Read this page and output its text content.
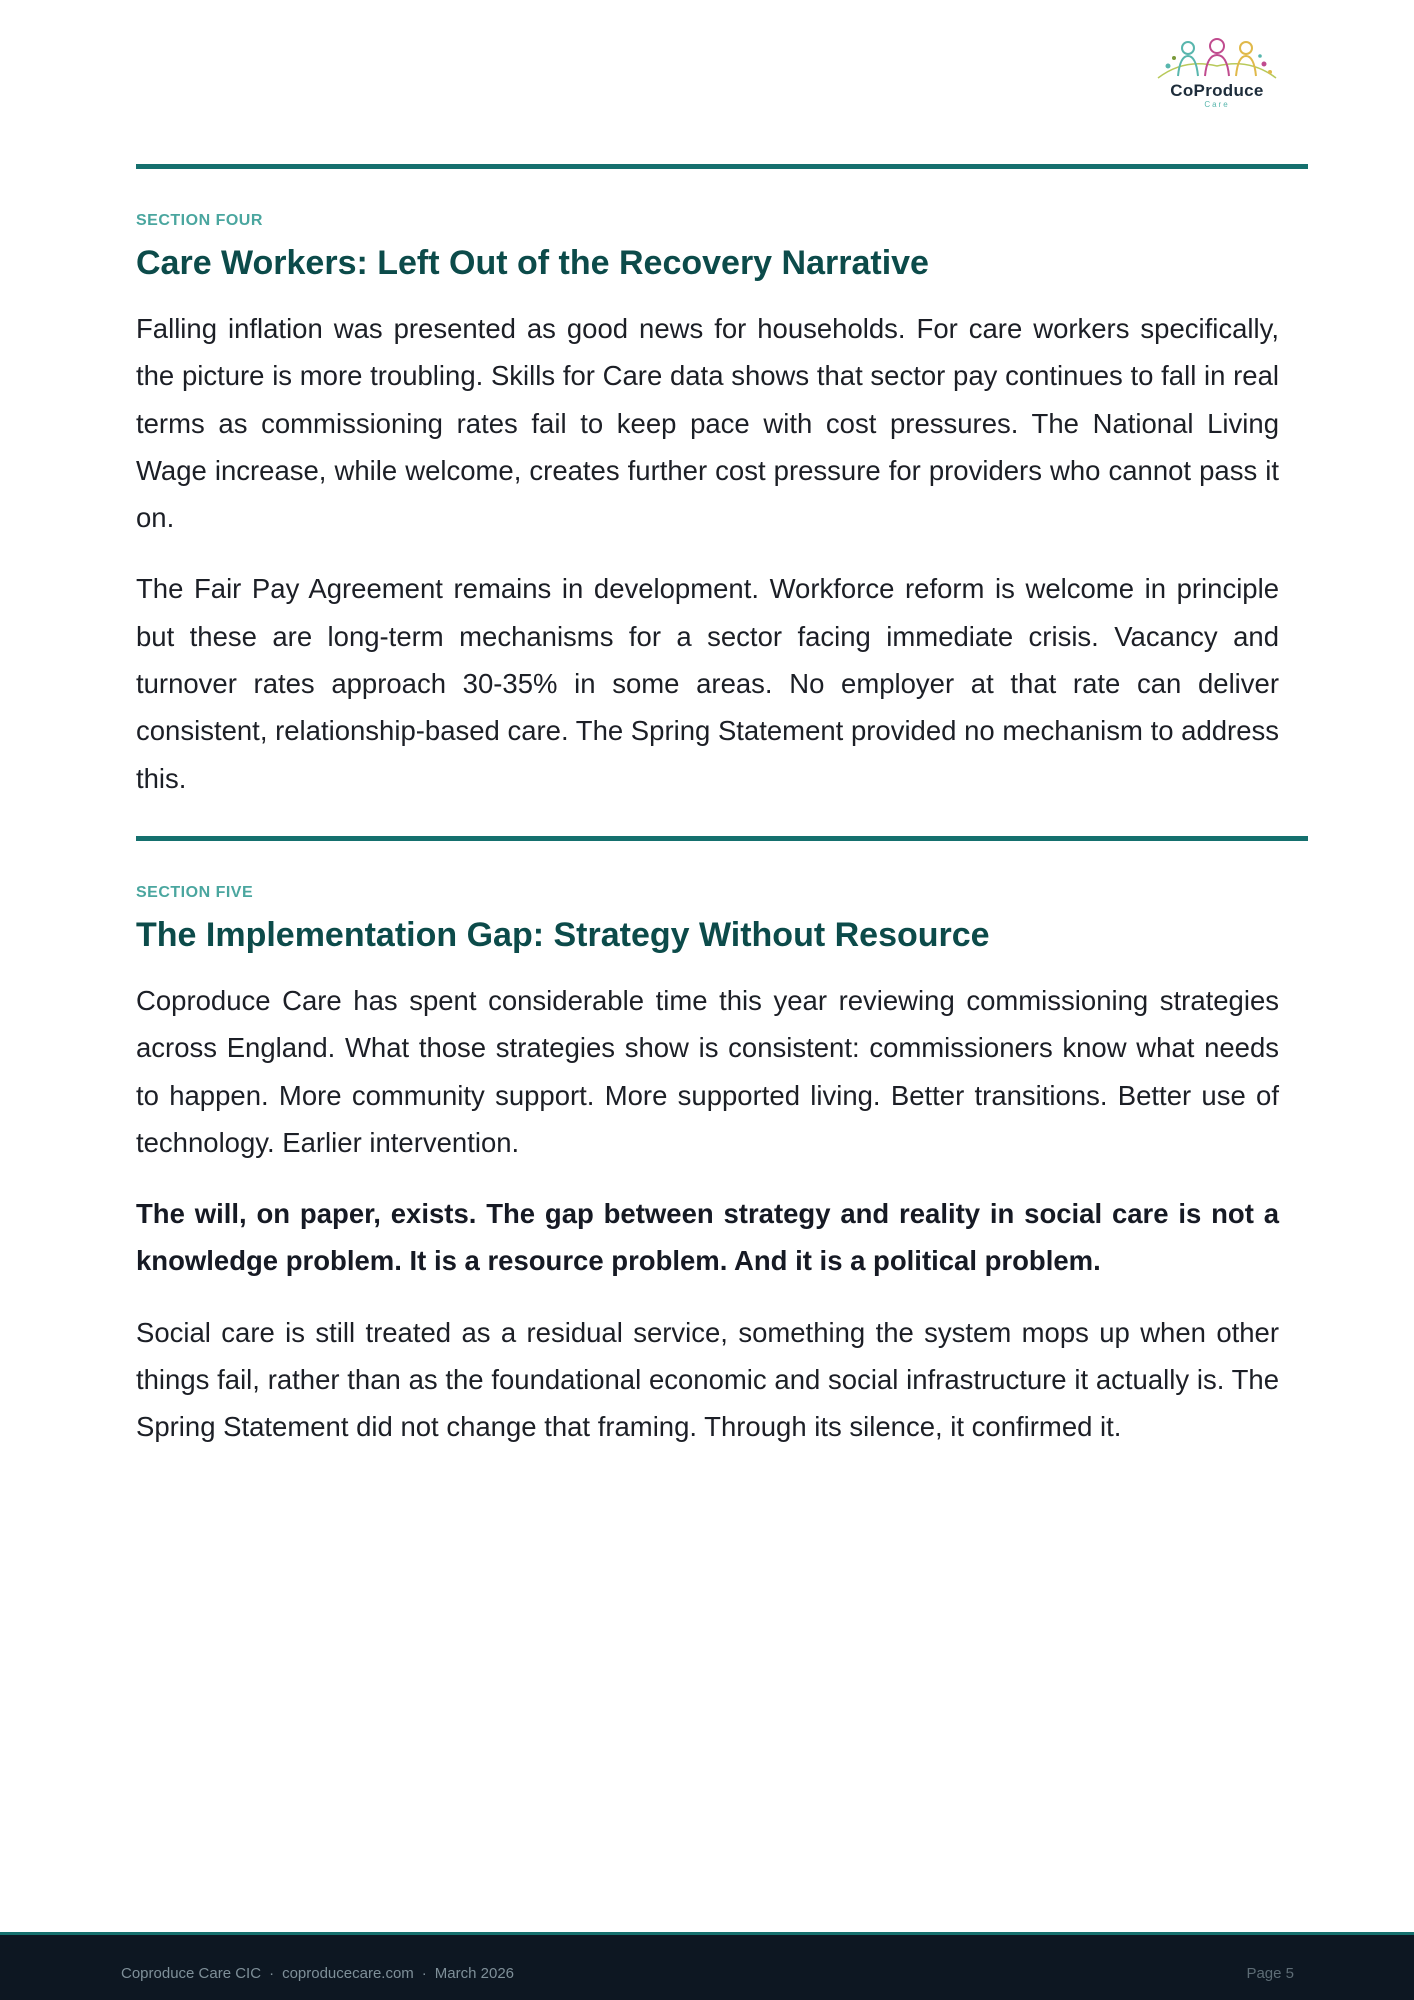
CoProduce
Care
SECTION FOUR
Care Workers: Left Out of the Recovery Narrative

Falling inflation was presented as good news for households. For care workers specifically, the picture is more troubling. Skills for Care data shows that sector pay continues to fall in real terms as commissioning rates fail to keep pace with cost pressures. The National Living Wage increase, while welcome, creates further cost pressure for providers who cannot pass it on.

The Fair Pay Agreement remains in development. Workforce reform is welcome in principle but these are long-term mechanisms for a sector facing immediate crisis. Vacancy and turnover rates approach 30-35% in some areas. No employer at that rate can deliver consistent, relationship-based care. The Spring Statement provided no mechanism to address this.

SECTION FIVE
The Implementation Gap: Strategy Without Resource

Coproduce Care has spent considerable time this year reviewing commissioning strategies across England. What those strategies show is consistent: commissioners know what needs to happen. More community support. More supported living. Better transitions. Better use of technology. Earlier intervention.

The will, on paper, exists. The gap between strategy and reality in social care is not a knowledge problem. It is a resource problem. And it is a political problem.

Social care is still treated as a residual service, something the system mops up when other things fail, rather than as the foundational economic and social infrastructure it actually is. The Spring Statement did not change that framing. Through its silence, it confirmed it.

Coproduce Care CIC · coproducecare.com · March 2026	Page 5
